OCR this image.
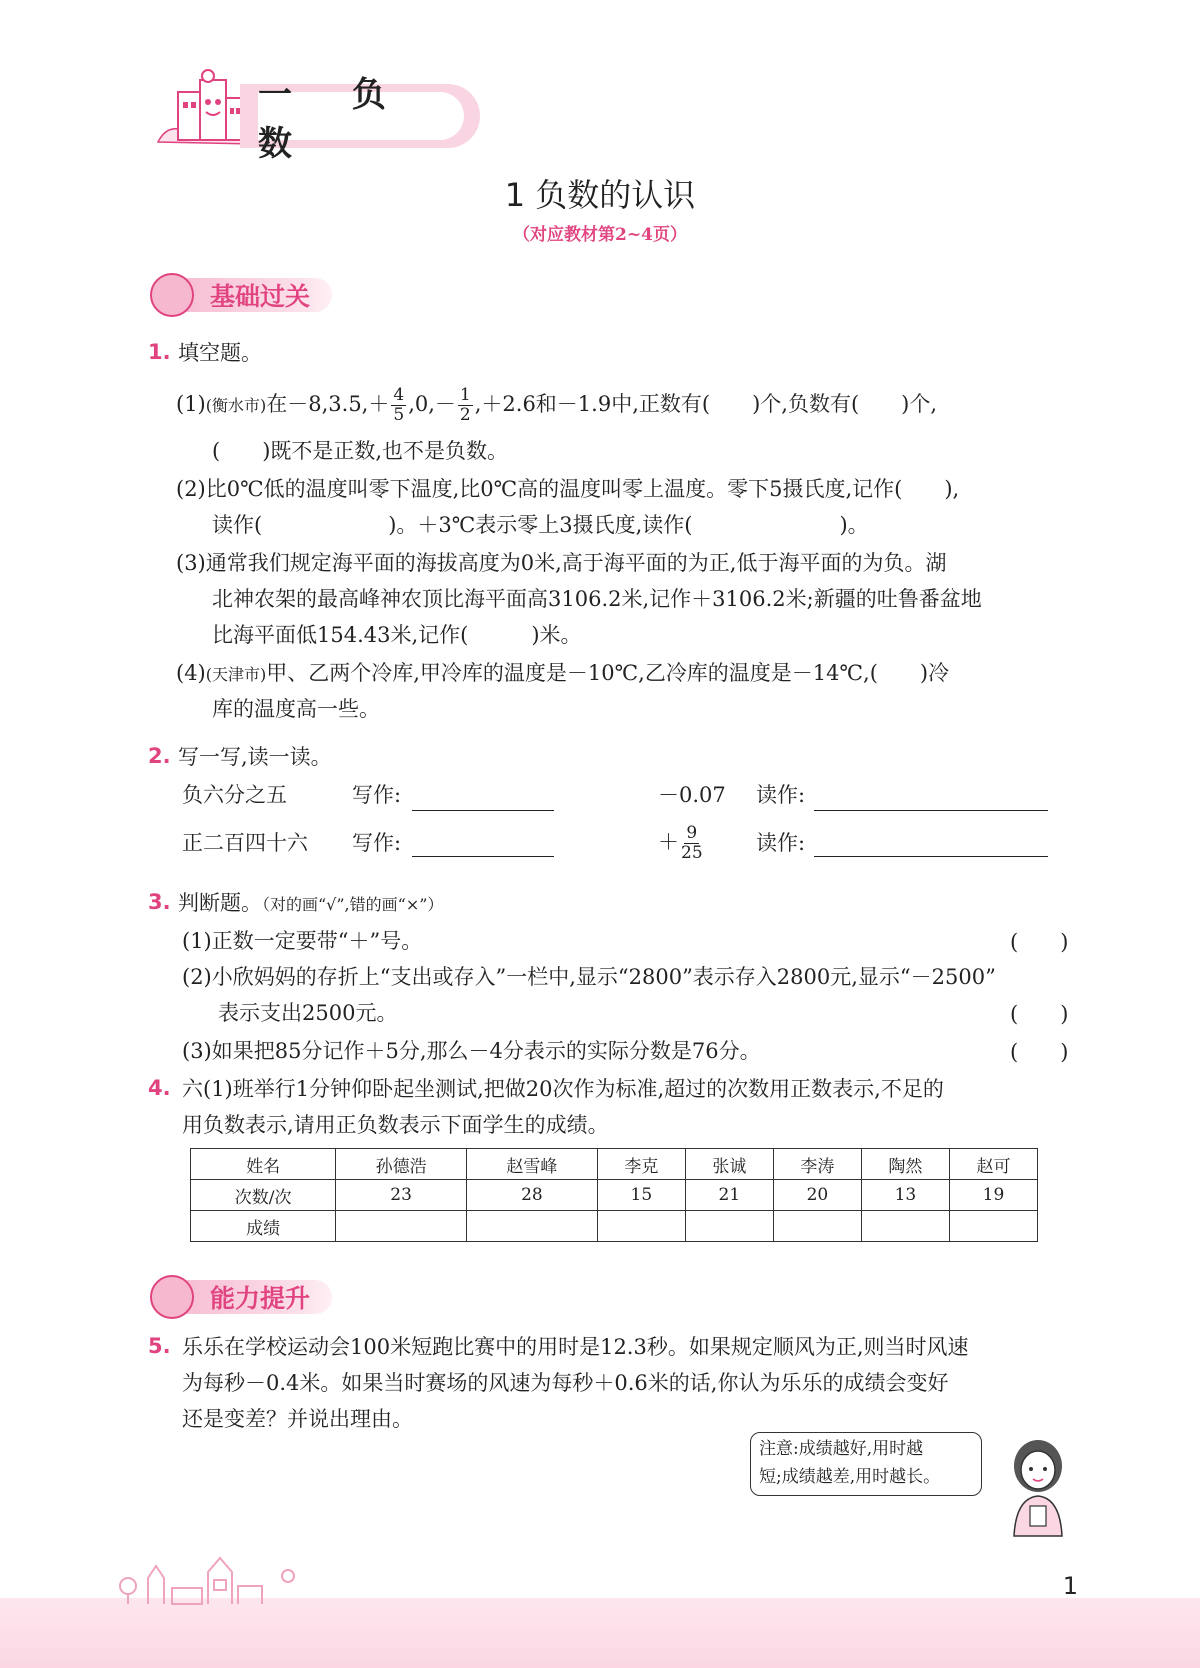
一 负数
1 负数的认识
（对应教材第2~4页）
基础过关
1. 填空题。
(1)(衡水市)在$-8,3.5,+ \frac{4}{5} ,0,- \frac{1}{2} ,+2.6$和－1.9中,正数有(　　)个,负数有(　　)个,
(　　)既不是正数,也不是负数。
(2)比0℃低的温度叫零下温度,比0℃高的温度叫零上温度。零下5摄氏度,记作(　　),
读作(　　　　　　)。＋3℃表示零上3摄氏度,读作(　　　　　　　)。
(3)通常我们规定海平面的海拔高度为0米,高于海平面的为正,低于海平面的为负。湖
北神农架的最高峰神农顶比海平面高3106.2米,记作＋3106.2米;新疆的吐鲁番盆地
比海平面低154.43米,记作(　　　)米。
(4)(天津市)甲、乙两个冷库,甲冷库的温度是－10℃,乙冷库的温度是－14℃,(　　)冷
库的温度高一些。
2. 写一写,读一读。
负六分之五	写作:	－0.07 读作:
正二百四十六 写作:	＋ $\frac{9}{25}$	读作:
3. 判断题。（对的画“√”,错的画“×”）
(1)正数一定要带“＋”号。	(　　)
(2)小欣妈妈的存折上“支出或存入”一栏中,显示“2800”表示存入2800元,显示“－2500”
表示支出2500元。	(　　)
(3)如果把85分记作＋5分,那么－4分表示的实际分数是76分。	(　　)
4. 六(1)班举行1分钟仰卧起坐测试,把做20次作为标准,超过的次数用正数表示,不足的
用负数表示,请用正负数表示下面学生的成绩。
姓名	孙德浩	赵雪峰	李克	张诚	李涛	陶然	赵可
次数/次	23	28	15	21	20	13	19
成绩							
能力提升
5. 乐乐在学校运动会100米短跑比赛中的用时是12.3秒。如果规定顺风为正,则当时风速
为每秒－0.4米。如果当时赛场的风速为每秒＋0.6米的话,你认为乐乐的成绩会变好
还是变差？并说出理由。
注意:成绩越好,用时越
短;成绩越差,用时越长。
1
